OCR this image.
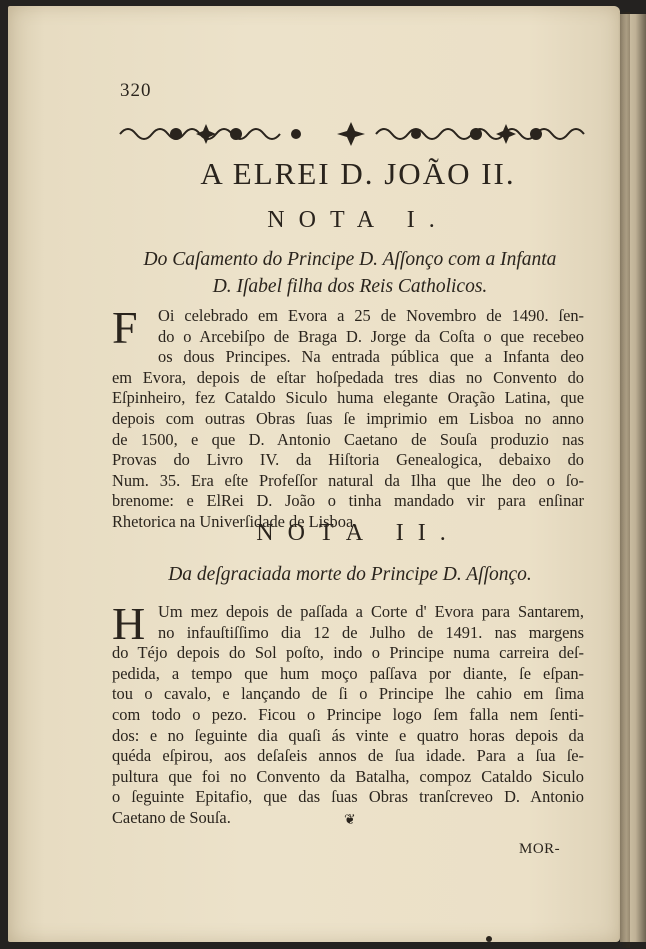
320
A ELREI D. JOÃO II.
NOTA I.
Do Caſamento do Principe D. Aſſonço com a Infanta
D. Iſabel filha dos Reis Catholicos.
F	Oi celebrado em Evora a 25 de Novembro de 1490. ſen-
do o Arcebiſpo de Braga D. Jorge da Coſta o que recebeo
os dous Principes. Na entrada pública que a Infanta deo
em Evora, depois de eſtar hoſpedada tres dias no Convento do
Eſpinheiro, fez Cataldo Siculo huma elegante Oração Latina, que
depois com outras Obras ſuas ſe imprimio em Lisboa no anno
de 1500, e que D. Antonio Caetano de Souſa produzio nas
Provas do Livro IV. da Hiſtoria Genealogica, debaixo do
Num. 35. Era eſte Profeſſor natural da Ilha que lhe deo o ſo-
brenome: e ElRei D. João o tinha mandado vir para enſinar
Rhetorica na Univerſidade de Lisboa.
NOTA II.
Da deſgraciada morte do Principe D. Aſſonço.
H Um mez depois de paſſada a Corte d' Evora para Santarem,
no infauſtiſſimo dia 12 de Julho de 1491. nas margens
do Téjo depois do Sol poſto, indo o Principe numa carreira deſ-
pedida, a tempo que hum moço paſſava por diante, ſe eſpan-
tou o cavalo, e lançando de ſi o Principe lhe cahio em ſima
com todo o pezo. Ficou o Principe logo ſem falla nem ſenti-
dos: e no ſeguinte dia quaſi ás vinte e quatro horas depois da
quéda eſpirou, aos deſaſeis annos de ſua idade. Para a ſua ſe-
pultura que foi no Convento da Batalha, compoz Cataldo Siculo
o ſeguinte Epitafio, que das ſuas Obras tranſcreveo D. Antonio
Caetano de Souſa.	❦
MOR-
